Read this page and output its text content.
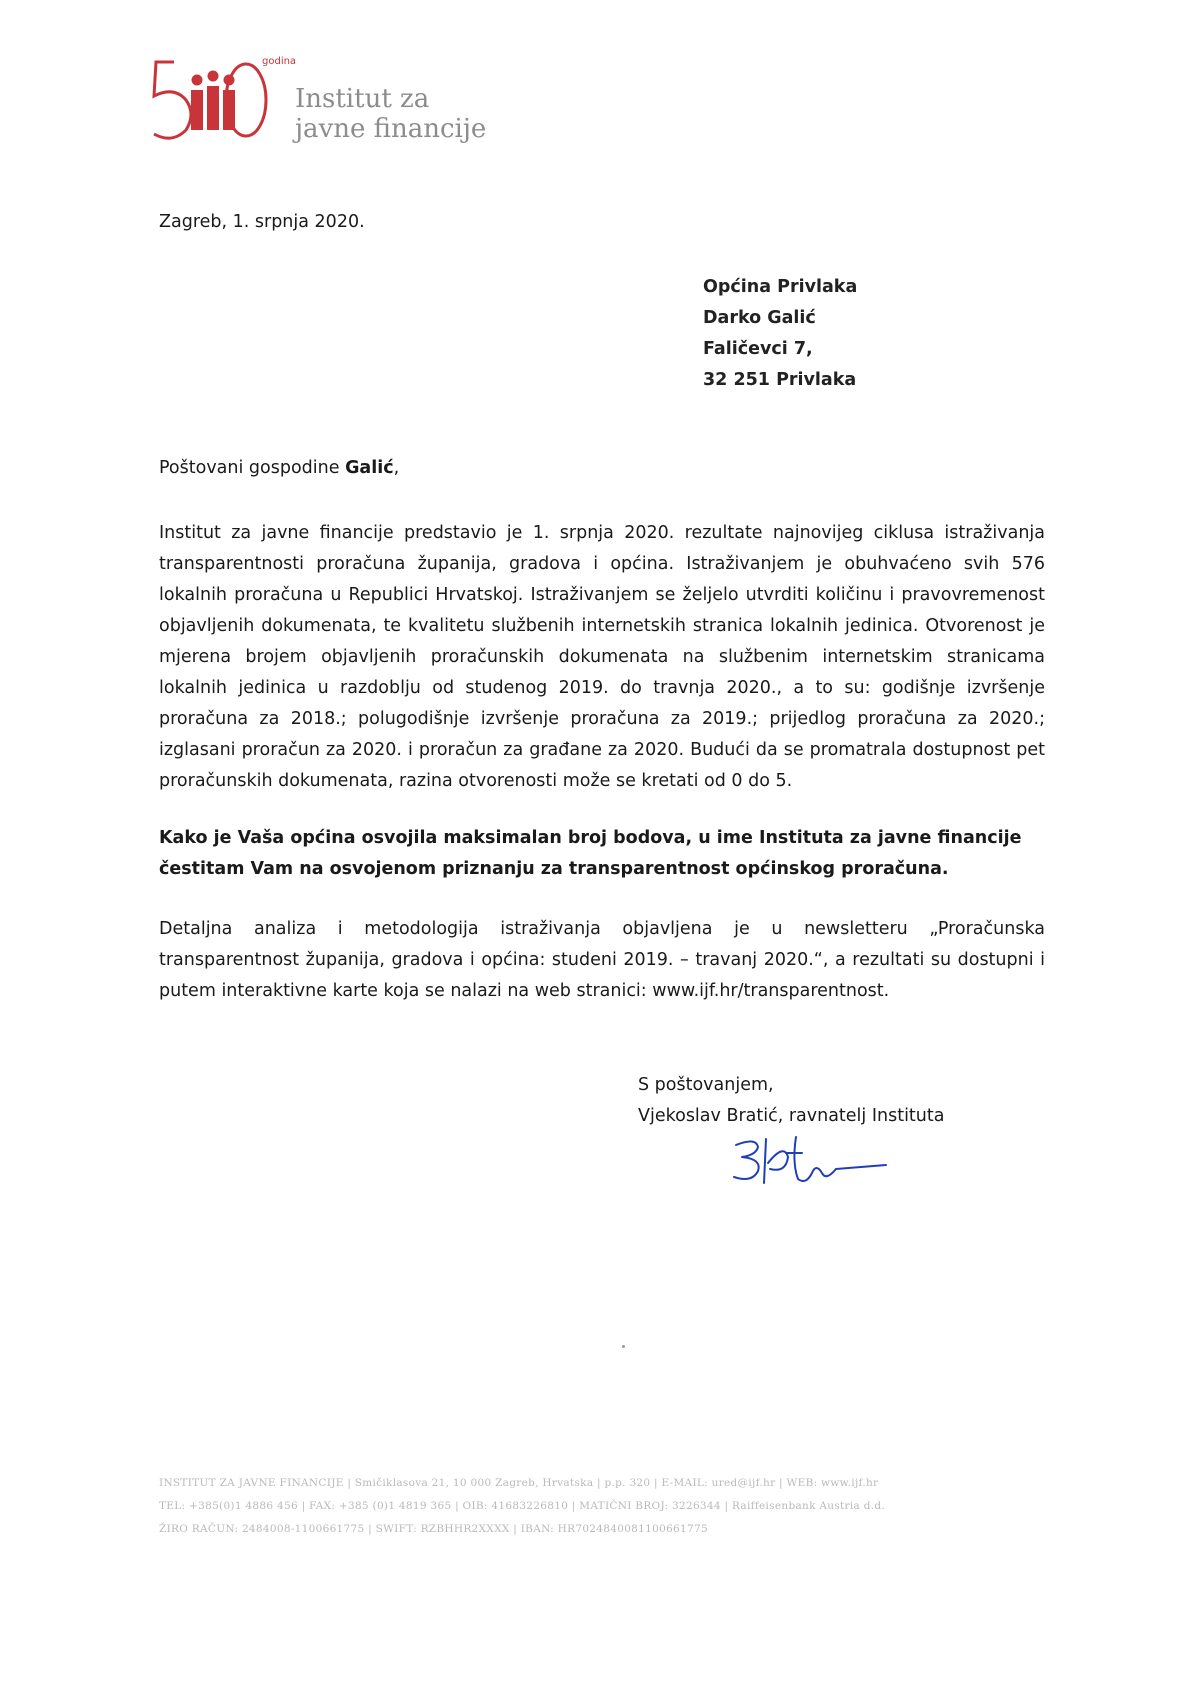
godina
Institut za
javne financije
Zagreb, 1. srpnja 2020.
Općina Privlaka
Darko Galić
Faličevci 7,
32 251 Privlaka
Poštovani gospodine Galić,
Institut za javne financije predstavio je 1. srpnja 2020. rezultate najnovijeg ciklusa istraživanja transparentnosti proračuna županija, gradova i općina. Istraživanjem je obuhvaćeno svih 576 lokalnih proračuna u Republici Hrvatskoj. Istraživanjem se željelo utvrditi količinu i pravovremenost objavljenih dokumenata, te kvalitetu službenih internetskih stranica lokalnih jedinica. Otvorenost je mjerena brojem objavljenih proračunskih dokumenata na službenim internetskim stranicama lokalnih jedinica u razdoblju od studenog 2019. do travnja 2020., a to su: godišnje izvršenje proračuna za 2018.; polugodišnje izvršenje proračuna za 2019.; prijedlog proračuna za 2020.; izglasani proračun za 2020. i proračun za građane za 2020. Budući da se promatrala dostupnost pet proračunskih dokumenata, razina otvorenosti može se kretati od 0 do 5.
Kako je Vaša općina osvojila maksimalan broj bodova, u ime Instituta za javne financije čestitam Vam na osvojenom priznanju za transparentnost općinskog proračuna.
Detaljna analiza i metodologija istraživanja objavljena je u newsletteru „Proračunska transparentnost županija, gradova i općina: studeni 2019. – travanj 2020.“, a rezultati su dostupni i putem interaktivne karte koja se nalazi na web stranici: www.ijf.hr/transparentnost.
S poštovanjem,
Vjekoslav Bratić, ravnatelj Instituta
INSTITUT ZA JAVNE FINANCIJE | Smičiklasova 21, 10 000 Zagreb, Hrvatska | p.p. 320 | E-MAIL: ured@ijf.hr | WEB: www.ijf.hr
TEL: +385(0)1 4886 456 | FAX: +385 (0)1 4819 365 | OIB: 41683226810 | MATIČNI BROJ: 3226344 | Raiffeisenbank Austria d.d.
ŽIRO RAČUN: 2484008-1100661775 | SWIFT: RZBHHR2XXXX | IBAN: HR7024840081100661775
